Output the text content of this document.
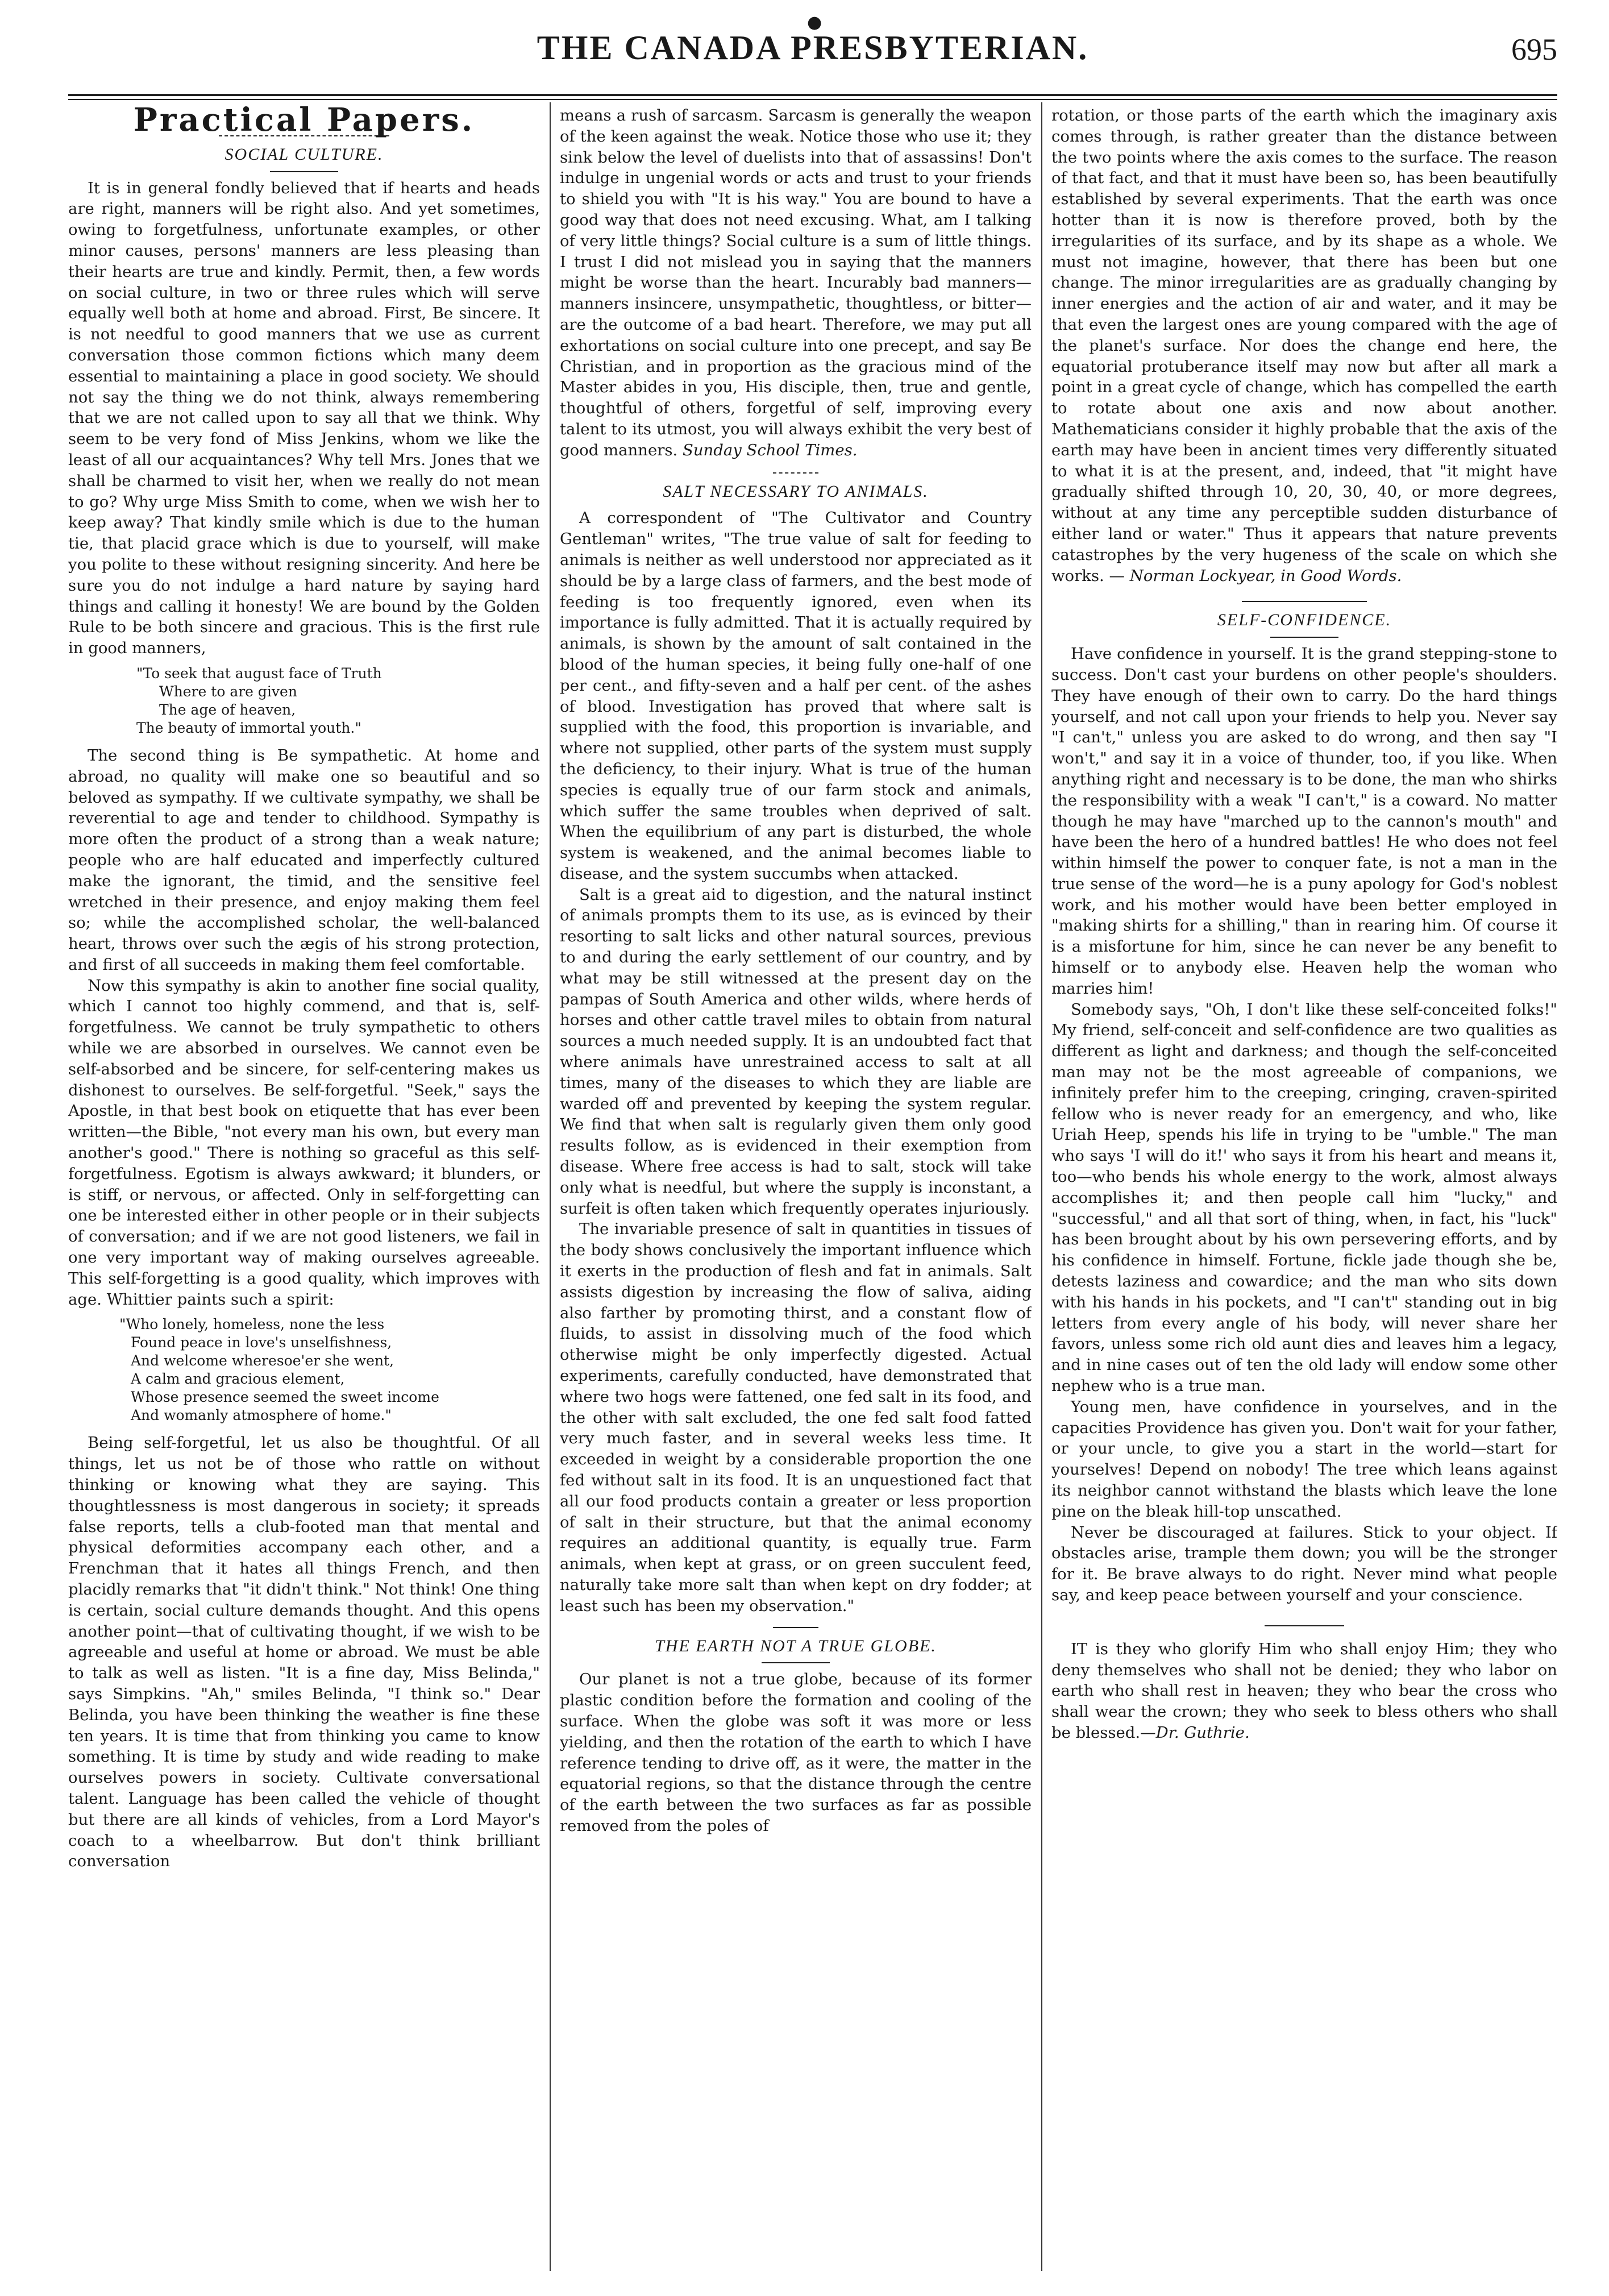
●
THE CANADA PRESBYTERIAN.	695
Practical Papers.
SOCIAL CULTURE.

It is in general fondly believed that if hearts and heads are right, manners will be right also. And yet sometimes, owing to forgetfulness, unfortunate examples, or other minor causes, persons' manners are less pleasing than their hearts are true and kindly. Permit, then, a few words on social culture, in two or three rules which will serve equally well both at home and abroad. First, Be sincere. It is not needful to good manners that we use as current conversation those common fictions which many deem essential to maintaining a place in good society. We should not say the thing we do not think, always remembering that we are not called upon to say all that we think. Why seem to be very fond of Miss Jenkins, whom we like the least of all our acquaintances? Why tell Mrs. Jones that we shall be charmed to visit her, when we really do not mean to go? Why urge Miss Smith to come, when we wish her to keep away? That kindly smile which is due to the human tie, that placid grace which is due to yourself, will make you polite to these without resigning sincerity. And here be sure you do not indulge a hard nature by saying hard things and calling it honesty! We are bound by the Golden Rule to be both sincere and gracious. This is the first rule in good manners,

"To seek that august face of Truth
Where to are given
The age of heaven,
The beauty of immortal youth."

The second thing is Be sympathetic. At home and abroad, no quality will make one so beautiful and so beloved as sympathy. If we cultivate sympathy, we shall be reverential to age and tender to childhood. Sympathy is more often the product of a strong than a weak nature; people who are half educated and imperfectly cultured make the ignorant, the timid, and the sensitive feel wretched in their presence, and enjoy making them feel so; while the accomplished scholar, the well-balanced heart, throws over such the ægis of his strong protection, and first of all succeeds in making them feel comfortable.

Now this sympathy is akin to another fine social quality, which I cannot too highly commend, and that is, self-forgetfulness. We cannot be truly sympathetic to others while we are absorbed in ourselves. We cannot even be self-absorbed and be sincere, for self-centering makes us dishonest to ourselves. Be self-forgetful. "Seek," says the Apostle, in that best book on etiquette that has ever been written—the Bible, "not every man his own, but every man another's good." There is nothing so graceful as this self-forgetfulness. Egotism is always awkward; it blunders, or is stiff, or nervous, or affected. Only in self-forgetting can one be interested either in other people or in their subjects of conversation; and if we are not good listeners, we fail in one very important way of making ourselves agreeable. This self-forgetting is a good quality, which improves with age. Whittier paints such a spirit:

"Who lonely, homeless, none the less
Found peace in love's unselfishness,
And welcome wheresoe'er she went,
A calm and gracious element,
Whose presence seemed the sweet income
And womanly atmosphere of home."

Being self-forgetful, let us also be thoughtful. Of all things, let us not be of those who rattle on without thinking or knowing what they are saying. This thoughtlessness is most dangerous in society; it spreads false reports, tells a club-footed man that mental and physical deformities accompany each other, and a Frenchman that it hates all things French, and then placidly remarks that "it didn't think." Not think! One thing is certain, social culture demands thought. And this opens another point—that of cultivating thought, if we wish to be agreeable and useful at home or abroad. We must be able to talk as well as listen. "It is a fine day, Miss Belinda," says Simpkins. "Ah," smiles Belinda, "I think so." Dear Belinda, you have been thinking the weather is fine these ten years. It is time that from thinking you came to know something. It is time by study and wide reading to make ourselves powers in society. Cultivate conversational talent. Language has been called the vehicle of thought but there are all kinds of vehicles, from a Lord Mayor's coach to a wheelbarrow. But don't think brilliant conversation

means a rush of sarcasm. Sarcasm is generally the weapon of the keen against the weak. Notice those who use it; they sink below the level of duelists into that of assassins! Don't indulge in ungenial words or acts and trust to your friends to shield you with "It is his way." You are bound to have a good way that does not need excusing. What, am I talking of very little things? Social culture is a sum of little things. I trust I did not mislead you in saying that the manners might be worse than the heart. Incurably bad manners—manners insincere, unsympathetic, thoughtless, or bitter—are the outcome of a bad heart. Therefore, we may put all exhortations on social culture into one precept, and say Be Christian, and in proportion as the gracious mind of the Master abides in you, His disciple, then, true and gentle, thoughtful of others, forgetful of self, improving every talent to its utmost, you will always exhibit the very best of good manners. Sunday School Times.

SALT NECESSARY TO ANIMALS.

A correspondent of "The Cultivator and Country Gentleman" writes, "The true value of salt for feeding to animals is neither as well understood nor appreciated as it should be by a large class of farmers, and the best mode of feeding is too frequently ignored, even when its importance is fully admitted. That it is actually required by animals, is shown by the amount of salt contained in the blood of the human species, it being fully one-half of one per cent., and fifty-seven and a half per cent. of the ashes of blood. Investigation has proved that where salt is supplied with the food, this proportion is invariable, and where not supplied, other parts of the system must supply the deficiency, to their injury. What is true of the human species is equally true of our farm stock and animals, which suffer the same troubles when deprived of salt. When the equilibrium of any part is disturbed, the whole system is weakened, and the animal becomes liable to disease, and the system succumbs when attacked.

Salt is a great aid to digestion, and the natural instinct of animals prompts them to its use, as is evinced by their resorting to salt licks and other natural sources, previous to and during the early settlement of our country, and by what may be still witnessed at the present day on the pampas of South America and other wilds, where herds of horses and other cattle travel miles to obtain from natural sources a much needed supply. It is an undoubted fact that where animals have unrestrained access to salt at all times, many of the diseases to which they are liable are warded off and prevented by keeping the system regular. We find that when salt is regularly given them only good results follow, as is evidenced in their exemption from disease. Where free access is had to salt, stock will take only what is needful, but where the supply is inconstant, a surfeit is often taken which frequently operates injuriously.

The invariable presence of salt in quantities in tissues of the body shows conclusively the important influence which it exerts in the production of flesh and fat in animals. Salt assists digestion by increasing the flow of saliva, aiding also farther by promoting thirst, and a constant flow of fluids, to assist in dissolving much of the food which otherwise might be only imperfectly digested. Actual experiments, carefully conducted, have demonstrated that where two hogs were fattened, one fed salt in its food, and the other with salt excluded, the one fed salt food fatted very much faster, and in several weeks less time. It exceeded in weight by a considerable proportion the one fed without salt in its food. It is an unquestioned fact that all our food products contain a greater or less proportion of salt in their structure, but that the animal economy requires an additional quantity, is equally true. Farm animals, when kept at grass, or on green succulent feed, naturally take more salt than when kept on dry fodder; at least such has been my observation."

THE EARTH NOT A TRUE GLOBE.

Our planet is not a true globe, because of its former plastic condition before the formation and cooling of the surface. When the globe was soft it was more or less yielding, and then the rotation of the earth to which I have reference tending to drive off, as it were, the matter in the equatorial regions, so that the distance through the centre of the earth between the two surfaces as far as possible removed from the poles of

rotation, or those parts of the earth which the imaginary axis comes through, is rather greater than the distance between the two points where the axis comes to the surface. The reason of that fact, and that it must have been so, has been beautifully established by several experiments. That the earth was once hotter than it is now is therefore proved, both by the irregularities of its surface, and by its shape as a whole. We must not imagine, however, that there has been but one change. The minor irregularities are as gradually changing by inner energies and the action of air and water, and it may be that even the largest ones are young compared with the age of the planet's surface. Nor does the change end here, the equatorial protuberance itself may now but after all mark a point in a great cycle of change, which has compelled the earth to rotate about one axis and now about another. Mathematicians consider it highly probable that the axis of the earth may have been in ancient times very differently situated to what it is at the present, and, indeed, that "it might have gradually shifted through 10, 20, 30, 40, or more degrees, without at any time any perceptible sudden disturbance of either land or water." Thus it appears that nature prevents catastrophes by the very hugeness of the scale on which she works. — Norman Lockyear, in Good Words.

SELF-CONFIDENCE.

Have confidence in yourself. It is the grand stepping-stone to success. Don't cast your burdens on other people's shoulders. They have enough of their own to carry. Do the hard things yourself, and not call upon your friends to help you. Never say "I can't," unless you are asked to do wrong, and then say "I won't," and say it in a voice of thunder, too, if you like. When anything right and necessary is to be done, the man who shirks the responsibility with a weak "I can't," is a coward. No matter though he may have "marched up to the cannon's mouth" and have been the hero of a hundred battles! He who does not feel within himself the power to conquer fate, is not a man in the true sense of the word—he is a puny apology for God's noblest work, and his mother would have been better employed in "making shirts for a shilling," than in rearing him. Of course it is a misfortune for him, since he can never be any benefit to himself or to anybody else. Heaven help the woman who marries him!

Somebody says, "Oh, I don't like these self-conceited folks!" My friend, self-conceit and self-confidence are two qualities as different as light and darkness; and though the self-conceited man may not be the most agreeable of companions, we infinitely prefer him to the creeping, cringing, craven-spirited fellow who is never ready for an emergency, and who, like Uriah Heep, spends his life in trying to be "umble." The man who says 'I will do it!' who says it from his heart and means it, too—who bends his whole energy to the work, almost always accomplishes it; and then people call him "lucky," and "successful," and all that sort of thing, when, in fact, his "luck" has been brought about by his own persevering efforts, and by his confidence in himself. Fortune, fickle jade though she be, detests laziness and cowardice; and the man who sits down with his hands in his pockets, and "I can't" standing out in big letters from every angle of his body, will never share her favors, unless some rich old aunt dies and leaves him a legacy, and in nine cases out of ten the old lady will endow some other nephew who is a true man.

Young men, have confidence in yourselves, and in the capacities Providence has given you. Don't wait for your father, or your uncle, to give you a start in the world—start for yourselves! Depend on nobody! The tree which leans against its neighbor cannot withstand the blasts which leave the lone pine on the bleak hill-top unscathed.

Never be discouraged at failures. Stick to your object. If obstacles arise, trample them down; you will be the stronger for it. Be brave always to do right. Never mind what people say, and keep peace between yourself and your conscience.

IT is they who glorify Him who shall enjoy Him; they who deny themselves who shall not be denied; they who labor on earth who shall rest in heaven; they who bear the cross who shall wear the crown; they who seek to bless others who shall be blessed.—Dr. Guthrie.
